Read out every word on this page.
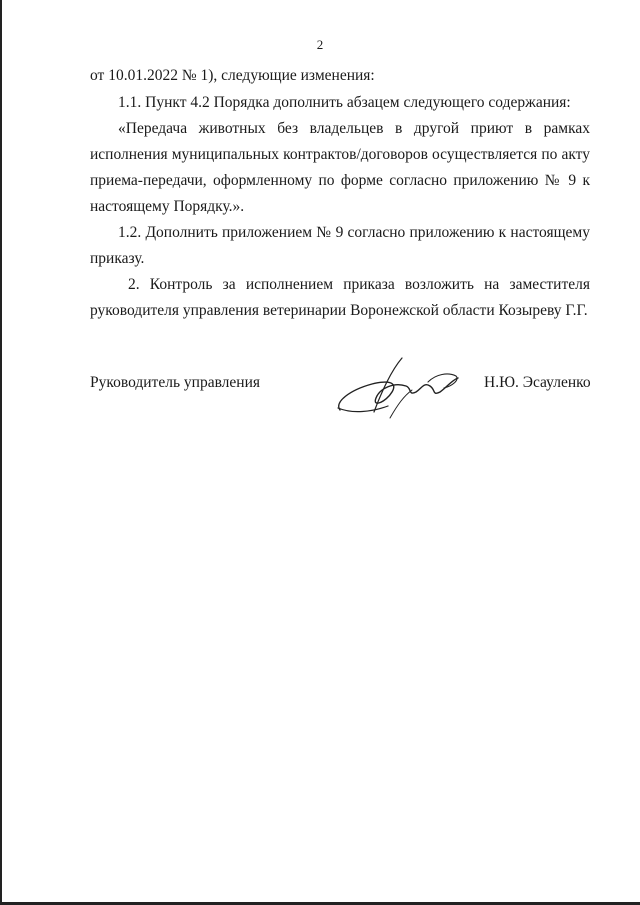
2
от 10.01.2022 № 1), следующие изменения:
1.1. Пункт 4.2 Порядка дополнить абзацем следующего содержания:
«Передача животных без владельцев в другой приют в рамках
исполнения муниципальных контрактов/договоров осуществляется по акту
приема-передачи, оформленному по форме согласно приложению № 9 к
настоящему Порядку.».
1.2. Дополнить приложением № 9 согласно приложению к настоящему
приказу.
2. Контроль за исполнением приказа возложить на заместителя
руководителя управления ветеринарии Воронежской области Козыреву Г.Г.
Руководитель управления	Н.Ю. Эсауленко
